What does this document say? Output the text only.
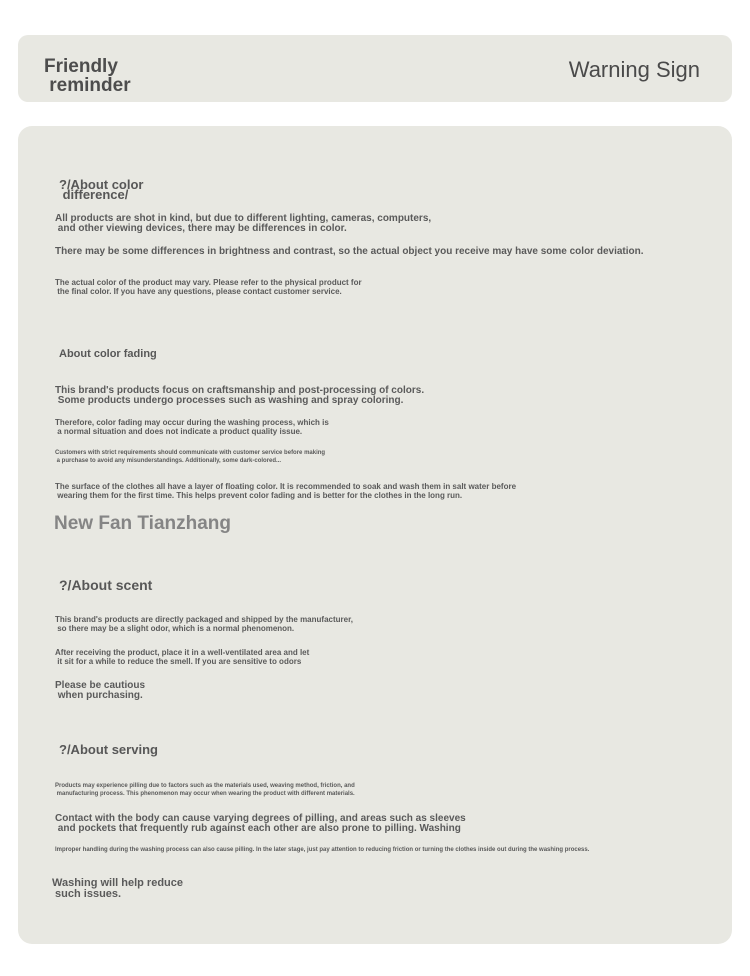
Friendly
reminder
Warning Sign
?/About color
difference/
All products are shot in kind, but due to different lighting, cameras, computers,
and other viewing devices, there may be differences in color.
There may be some differences in brightness and contrast, so the actual object you receive may have some color deviation.
The actual color of the product may vary. Please refer to the physical product for
the final color. If you have any questions, please contact customer service.
About color fading
This brand's products focus on craftsmanship and post-processing of colors.
Some products undergo processes such as washing and spray coloring.
Therefore, color fading may occur during the washing process, which is
a normal situation and does not indicate a product quality issue.
Customers with strict requirements should communicate with customer service before making
a purchase to avoid any misunderstandings. Additionally, some dark-colored...
The surface of the clothes all have a layer of floating color. It is recommended to soak and wash them in salt water before
wearing them for the first time. This helps prevent color fading and is better for the clothes in the long run.
New Fan Tianzhang
?/About scent
This brand's products are directly packaged and shipped by the manufacturer,
so there may be a slight odor, which is a normal phenomenon.
After receiving the product, place it in a well-ventilated area and let
it sit for a while to reduce the smell. If you are sensitive to odors
Please be cautious
when purchasing.
?/About serving
Products may experience pilling due to factors such as the materials used, weaving method, friction, and
manufacturing process. This phenomenon may occur when wearing the product with different materials.
Contact with the body can cause varying degrees of pilling, and areas such as sleeves
and pockets that frequently rub against each other are also prone to pilling. Washing
Improper handling during the washing process can also cause pilling. In the later stage, just pay attention to reducing friction or turning the clothes inside out during the washing process.
Washing will help reduce
such issues.
